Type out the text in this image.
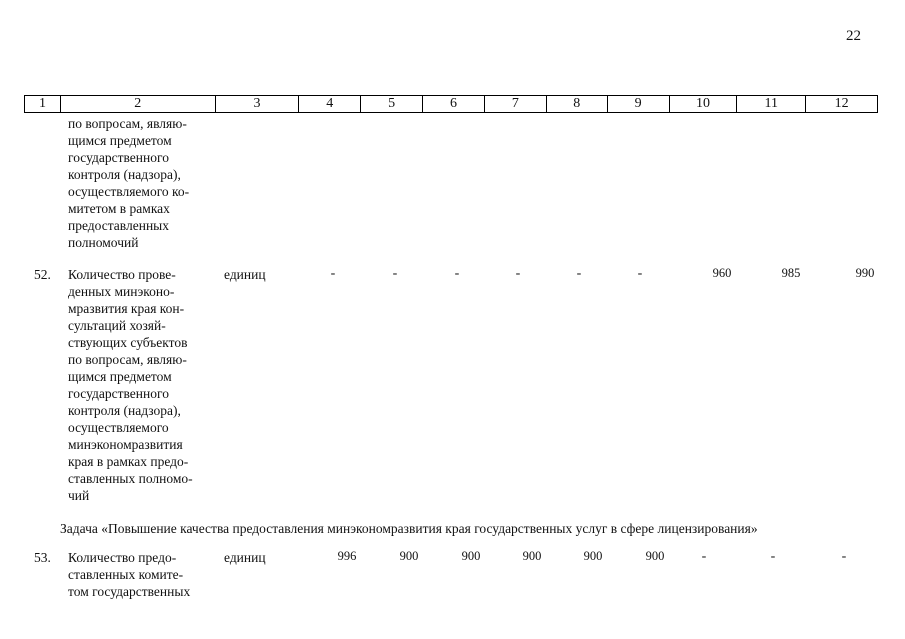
22
1	2	3	4	5	6	7	8	9	10	11	12
по вопросам, являю-
щимся предметом
государственного
контроля (надзора),
осуществляемого ко-
митетом в рамках
предоставленных
полномочий
52. Количество прове-
денных минэконо-
мразвития края кон-
сультаций хозяй-
ствующих субъектов
по вопросам, являю-
щимся предметом
государственного
контроля (надзора),
осуществляемого
минэкономразвития
края в рамках предо-
ставленных полномо-
чий
единиц	-	-	-	-	-	-	960	985	990
Задача «Повышение качества предоставления минэкономразвития края государственных услуг в сфере лицензирования»
53. Количество предо-
ставленных комите-
том государственных
единиц	996	900	900	900	900	900	-	-	-
